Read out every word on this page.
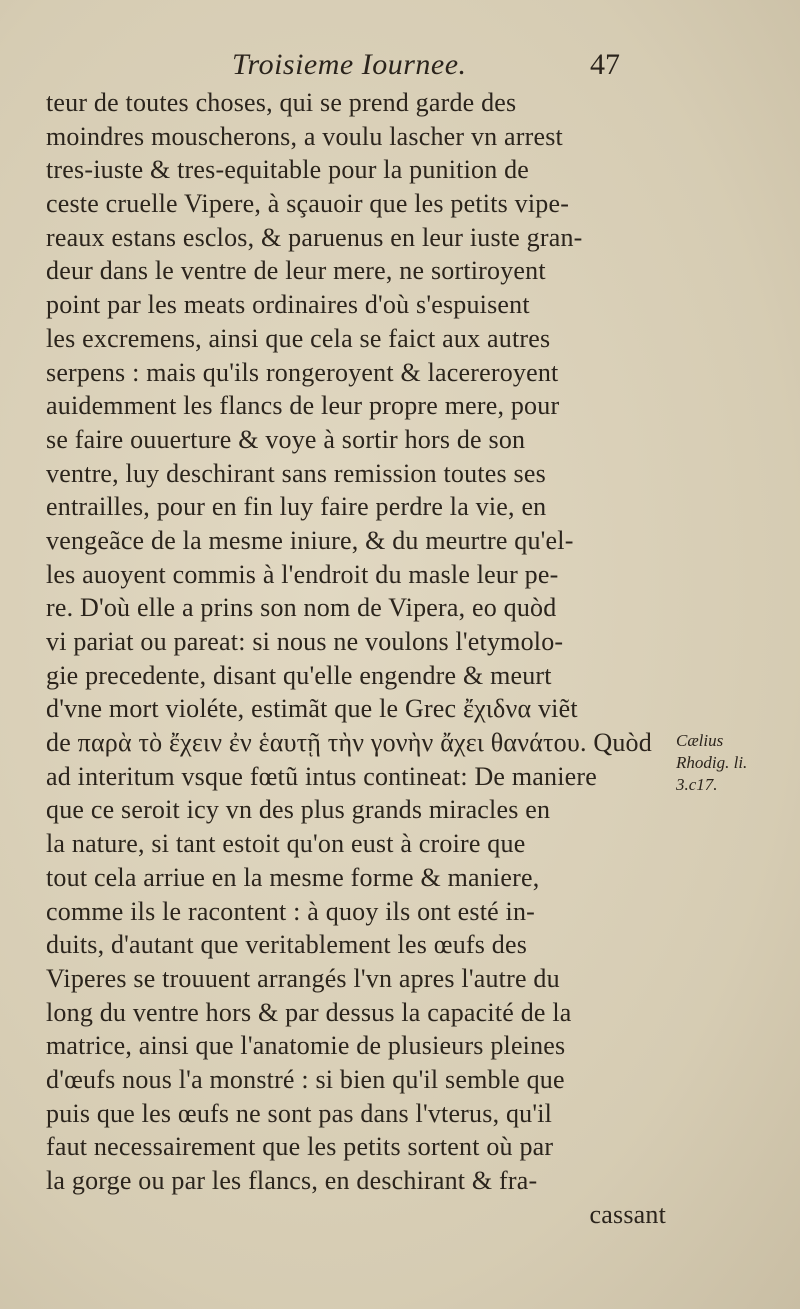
Troisieme Iournee.	47
teur de toutes choses, qui se prend garde des
moindres mouscherons, a voulu lascher vn arrest
tres-iuste & tres-equitable pour la punition de
ceste cruelle Vipere, à sçauoir que les petits vipe-
reaux estans esclos, & paruenus en leur iuste gran-
deur dans le ventre de leur mere, ne sortiroyent
point par les meats ordinaires d'où s'espuisent
les excremens, ainsi que cela se faict aux autres
serpens : mais qu'ils rongeroyent & lacereroyent
auidemment les flancs de leur propre mere, pour
se faire ouuerture & voye à sortir hors de son
ventre, luy deschirant sans remission toutes ses
entrailles, pour en fin luy faire perdre la vie, en
vengeãce de la mesme iniure, & du meurtre qu'el-
les auoyent commis à l'endroit du masle leur pe-
re. D'où elle a prins son nom de Vipera, eo quòd
vi pariat ou pareat: si nous ne voulons l'etymolo-
gie precedente, disant qu'elle engendre & meurt
d'vne mort violéte, estimãt que le Grec ἔχιδνα viẽt
de παρὰ τὸ ἔχειν ἐν ἑαυτῇ τὴν γονὴν ἄχει θανάτου. Quòd
ad interitum vsque fœtũ intus contineat: De maniere
que ce seroit icy vn des plus grands miracles en
la nature, si tant estoit qu'on eust à croire que
tout cela arriue en la mesme forme & maniere,
comme ils le racontent : à quoy ils ont esté in-
duits, d'autant que veritablement les œufs des
Viperes se trouuent arrangés l'vn apres l'autre du
long du ventre hors & par dessus la capacité de la
matrice, ainsi que l'anatomie de plusieurs pleines
d'œufs nous l'a monstré : si bien qu'il semble que
puis que les œufs ne sont pas dans l'vterus, qu'il
faut necessairement que les petits sortent où par
la gorge ou par les flancs, en deschirant & fra-
cassant
Cælius
Rhodig. li.
3.c17.
